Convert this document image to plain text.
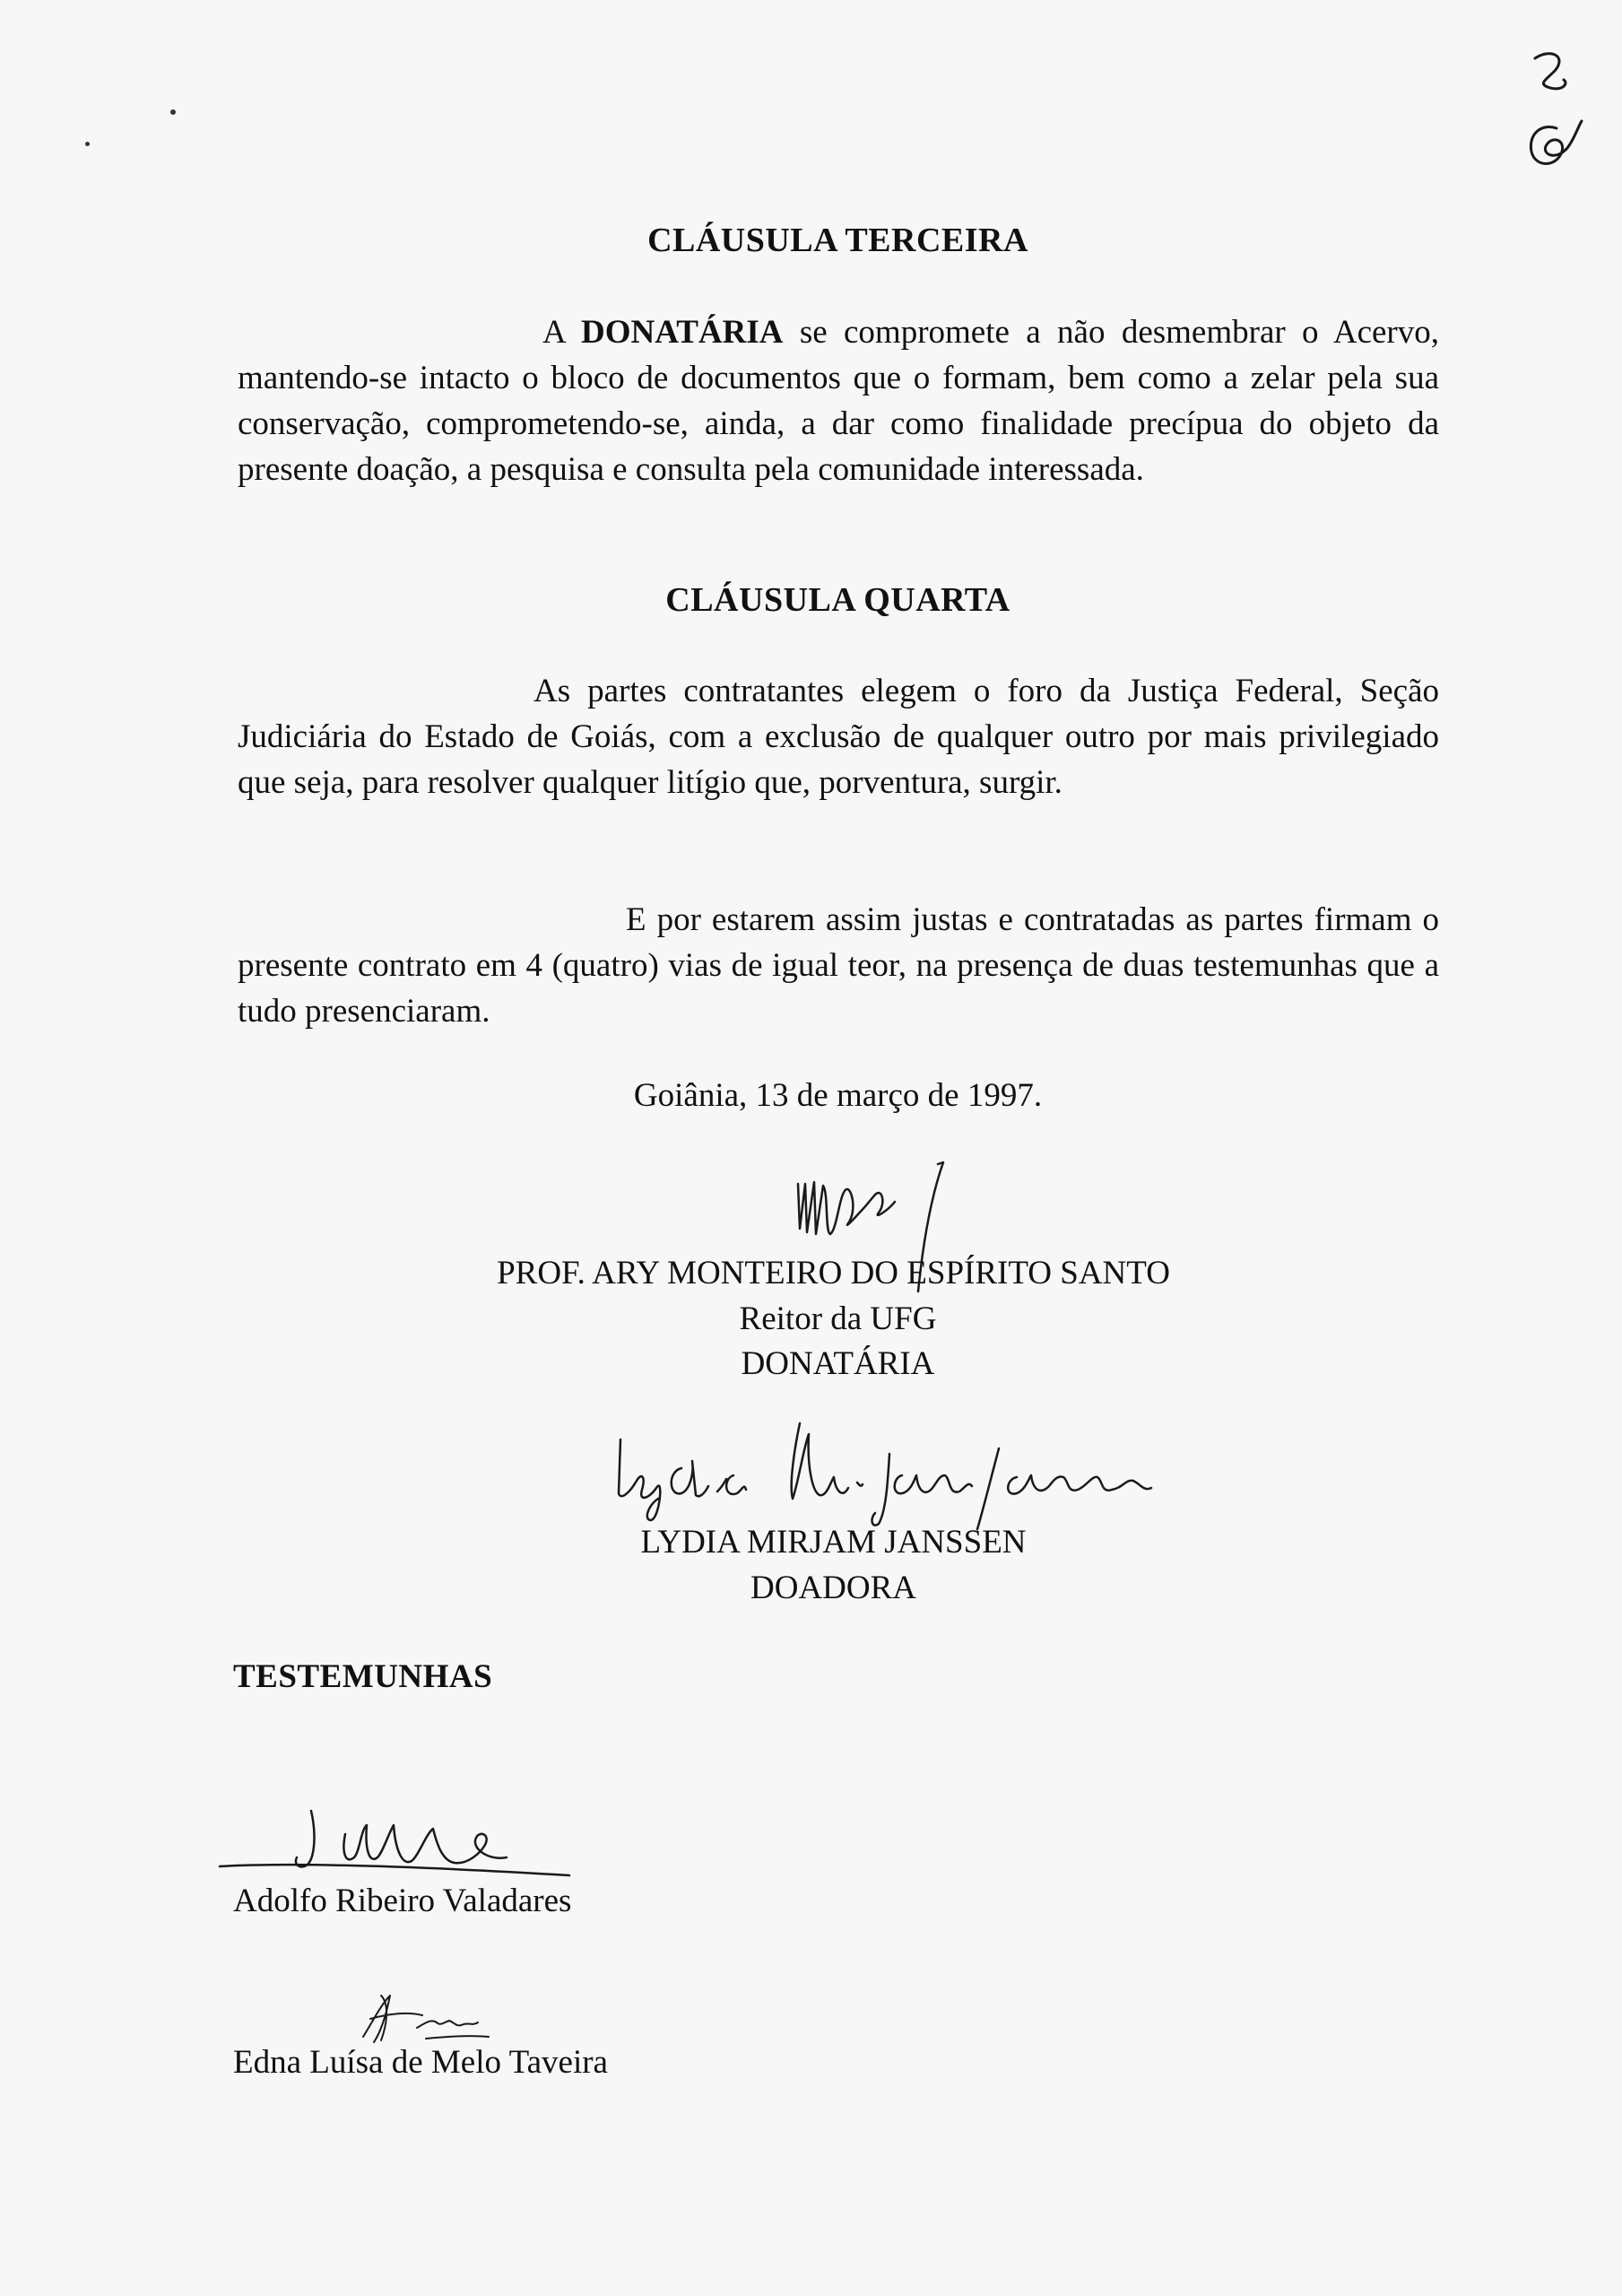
CLÁUSULA TERCEIRA

A DONATÁRIA se compromete a não desmembrar o Acervo, mantendo-se intacto o bloco de documentos que o formam, bem como a zelar pela sua conservação, comprometendo-se, ainda, a dar como finalidade precípua do objeto da presente doação, a pesquisa e consulta pela comunidade interessada.

CLÁUSULA QUARTA

As partes contratantes elegem o foro da Justiça Federal, Seção Judiciária do Estado de Goiás, com a exclusão de qualquer outro por mais privilegiado que seja, para resolver qualquer litígio que, porventura, surgir.

E por estarem assim justas e contratadas as partes firmam o presente contrato em 4 (quatro) vias de igual teor, na presença de duas testemunhas que a tudo presenciaram.

Goiânia, 13 de março de 1997.
PROF. ARY MONTEIRO DO ESPÍRITO SANTO
Reitor da UFG
DONATÁRIA
LYDIA MIRJAM JANSSEN
DOADORA
TESTEMUNHAS
Adolfo Ribeiro Valadares
Edna Luísa de Melo Taveira
